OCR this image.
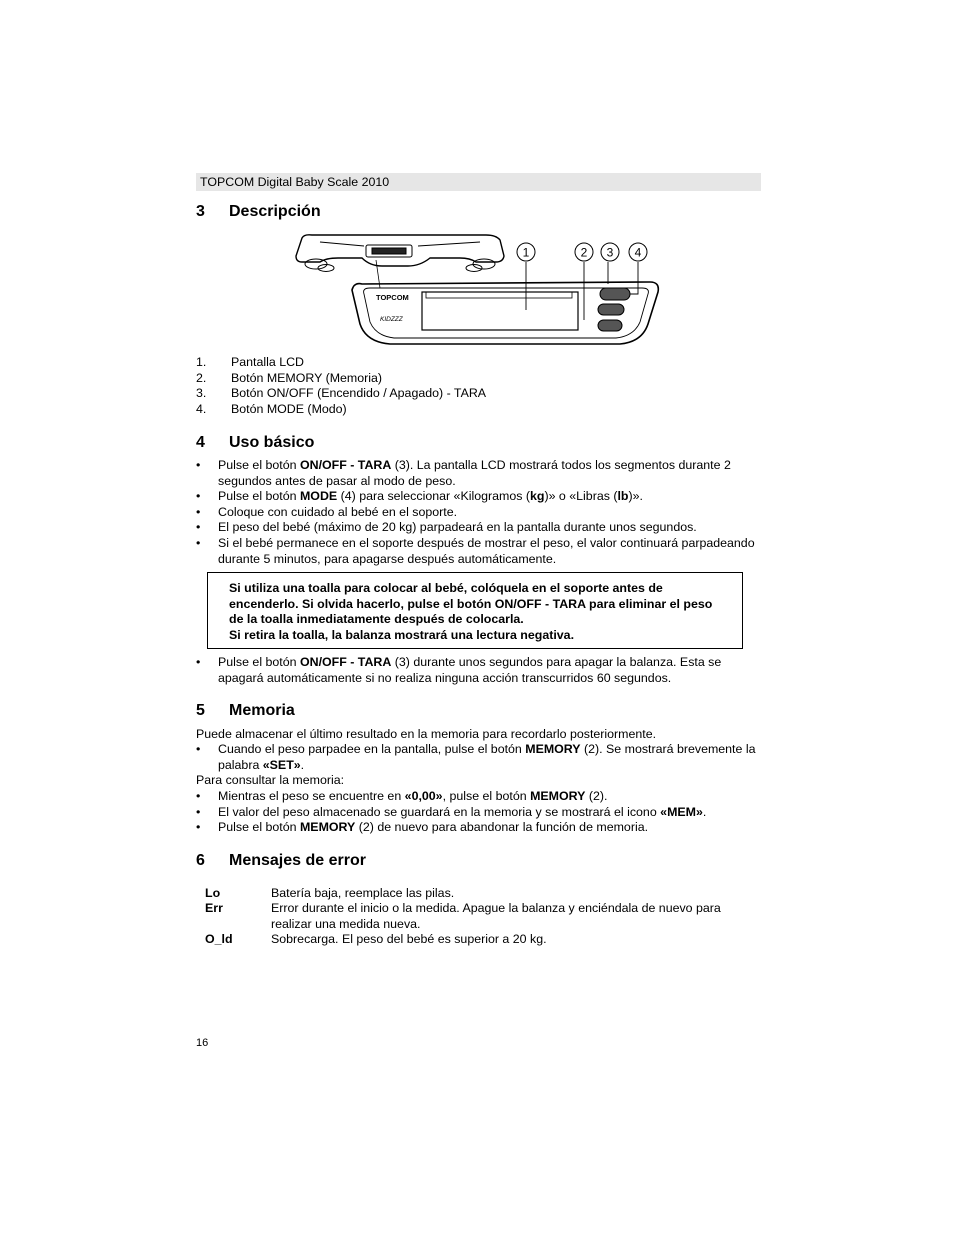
TOPCOM Digital Baby Scale 2010
3 Descripción
TOPCOM
KIDZZZ
1	2 3 4
1. Pantalla LCD
2. Botón MEMORY (Memoria)
3. Botón ON/OFF (Encendido / Apagado) - TARA
4. Botón MODE (Modo)
4 Uso básico
• Pulse el botón ON/OFF - TARA (3). La pantalla LCD mostrará todos los segmentos durante 2 segundos antes de pasar al modo de peso.
• Pulse el botón MODE (4) para seleccionar «Kilogramos (kg)» o «Libras (lb)».
• Coloque con cuidado al bebé en el soporte.
• El peso del bebé (máximo de 20 kg) parpadeará en la pantalla durante unos segundos.
• Si el bebé permanece en el soporte después de mostrar el peso, el valor continuará parpadeando durante 5 minutos, para apagarse después automáticamente.
Si utiliza una toalla para colocar al bebé, colóquela en el soporte antes de
encenderlo. Si olvida hacerlo, pulse el botón ON/OFF - TARA para eliminar el peso
de la toalla inmediatamente después de colocarla.
Si retira la toalla, la balanza mostrará una lectura negativa.
• Pulse el botón ON/OFF - TARA (3) durante unos segundos para apagar la balanza. Esta se apagará automáticamente si no realiza ninguna acción transcurridos 60 segundos.
5 Memoria
Puede almacenar el último resultado en la memoria para recordarlo posteriormente.
• Cuando el peso parpadee en la pantalla, pulse el botón MEMORY (2). Se mostrará brevemente la palabra «SET».
Para consultar la memoria:
• Mientras el peso se encuentre en «0,00», pulse el botón MEMORY (2).
• El valor del peso almacenado se guardará en la memoria y se mostrará el icono «MEM».
• Pulse el botón MEMORY (2) de nuevo para abandonar la función de memoria.
6 Mensajes de error
Lo	Batería baja, reemplace las pilas.
Err	Error durante el inicio o la medida. Apague la balanza y enciéndala de nuevo para realizar una medida nueva.
O_ld	Sobrecarga. El peso del bebé es superior a 20 kg.
16
